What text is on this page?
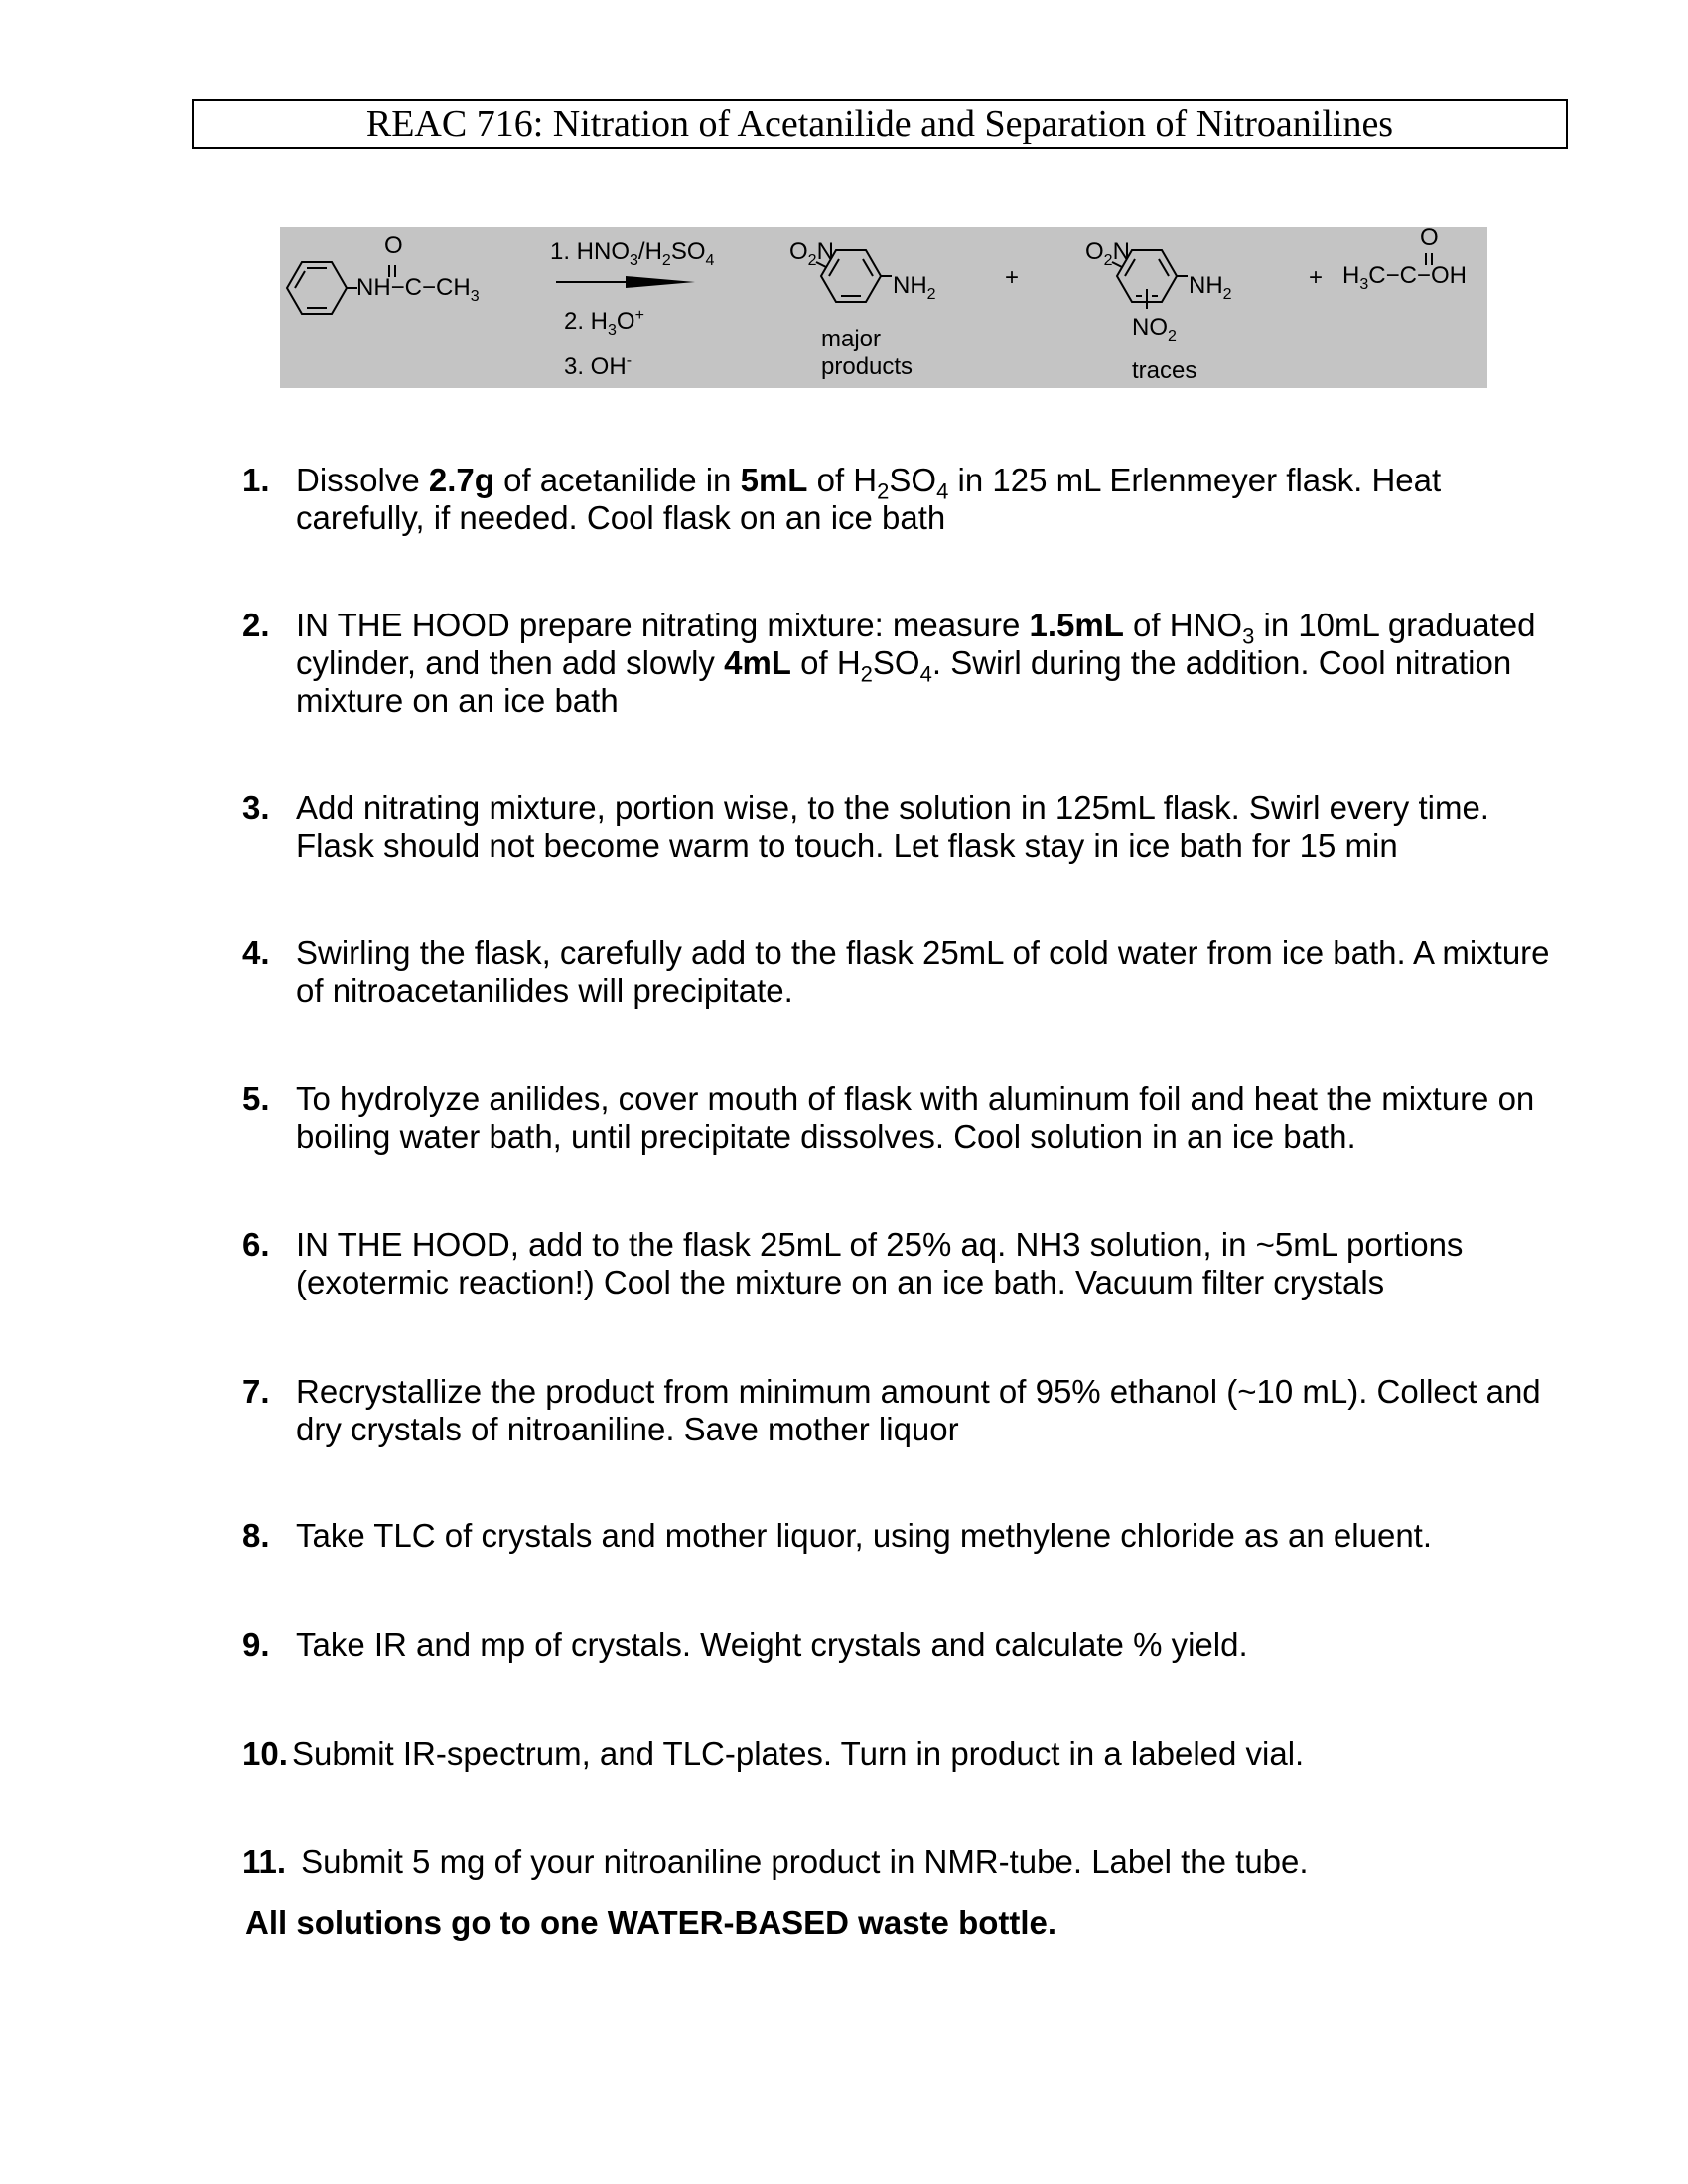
REAC 716: Nitration of Acetanilide and Separation of Nitroanilines
O
$NH-C-CH_3$
1. $HNO_3/H_2SO_4$
2. $H_3O^+$
3. OH-
$O_2N$
$NH_2$
major
products
+
$O_2N$
$NH_2$
$NO_2$
traces
+
O
$H_3C-C-OH$
1. Dissolve 2.7g of acetanilide in 5mL of $H_2SO_4$ in 125 mL Erlenmeyer flask. Heat
carefully, if needed. Cool flask on an ice bath
2. IN THE HOOD prepare nitrating mixture: measure 1.5mL of $HNO_3$ in 10mL graduated
cylinder, and then add slowly 4mL of $H_2SO_4$. Swirl during the addition. Cool nitration
mixture on an ice bath
3. Add nitrating mixture, portion wise, to the solution in 125mL flask. Swirl every time.
Flask should not become warm to touch. Let flask stay in ice bath for 15 min
4. Swirling the flask, carefully add to the flask 25mL of cold water from ice bath. A mixture
of nitroacetanilides will precipitate.
5. To hydrolyze anilides, cover mouth of flask with aluminum foil and heat the mixture on
boiling water bath, until precipitate dissolves. Cool solution in an ice bath.
6. IN THE HOOD, add to the flask 25mL of 25% aq. NH3 solution, in ~5mL portions
(exotermic reaction!) Cool the mixture on an ice bath. Vacuum filter crystals
7. Recrystallize the product from minimum amount of 95% ethanol (~10 mL). Collect and
dry crystals of nitroaniline. Save mother liquor
8. Take TLC of crystals and mother liquor, using methylene chloride as an eluent.
9. Take IR and mp of crystals. Weight crystals and calculate % yield.
10. Submit IR-spectrum, and TLC-plates. Turn in product in a labeled vial.
11. Submit 5 mg of your nitroaniline product in NMR-tube. Label the tube.
All solutions go to one WATER-BASED waste bottle.
